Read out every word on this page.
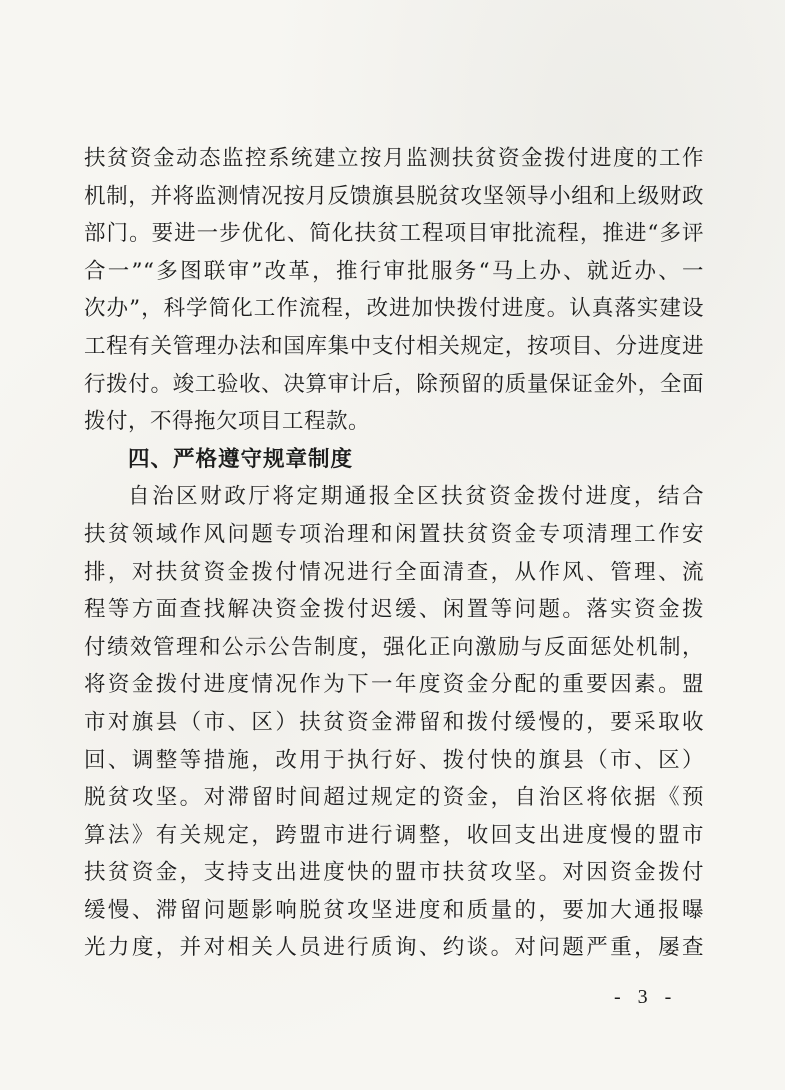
扶贫资金动态监控系统建立按月监测扶贫资金拨付进度的工作
机制，并将监测情况按月反馈旗县脱贫攻坚领导小组和上级财政
部门。要进一步优化、简化扶贫工程项目审批流程，推进“多评
合一”“多图联审”改革，推行审批服务“马上办、就近办、一
次办”，科学简化工作流程，改进加快拨付进度。认真落实建设
工程有关管理办法和国库集中支付相关规定，按项目、分进度进
行拨付。竣工验收、决算审计后，除预留的质量保证金外，全面
拨付，不得拖欠项目工程款。
四、严格遵守规章制度
自治区财政厅将定期通报全区扶贫资金拨付进度，结合
扶贫领域作风问题专项治理和闲置扶贫资金专项清理工作安
排，对扶贫资金拨付情况进行全面清查，从作风、管理、流
程等方面查找解决资金拨付迟缓、闲置等问题。落实资金拨
付绩效管理和公示公告制度，强化正向激励与反面惩处机制，
将资金拨付进度情况作为下一年度资金分配的重要因素。盟
市对旗县（市、区）扶贫资金滞留和拨付缓慢的，要采取收
回、调整等措施，改用于执行好、拨付快的旗县（市、区）
脱贫攻坚。对滞留时间超过规定的资金，自治区将依据《预
算法》有关规定，跨盟市进行调整，收回支出进度慢的盟市
扶贫资金，支持支出进度快的盟市扶贫攻坚。对因资金拨付
缓慢、滞留问题影响脱贫攻坚进度和质量的，要加大通报曝
光力度，并对相关人员进行质询、约谈。对问题严重，屡查
- 3 -
